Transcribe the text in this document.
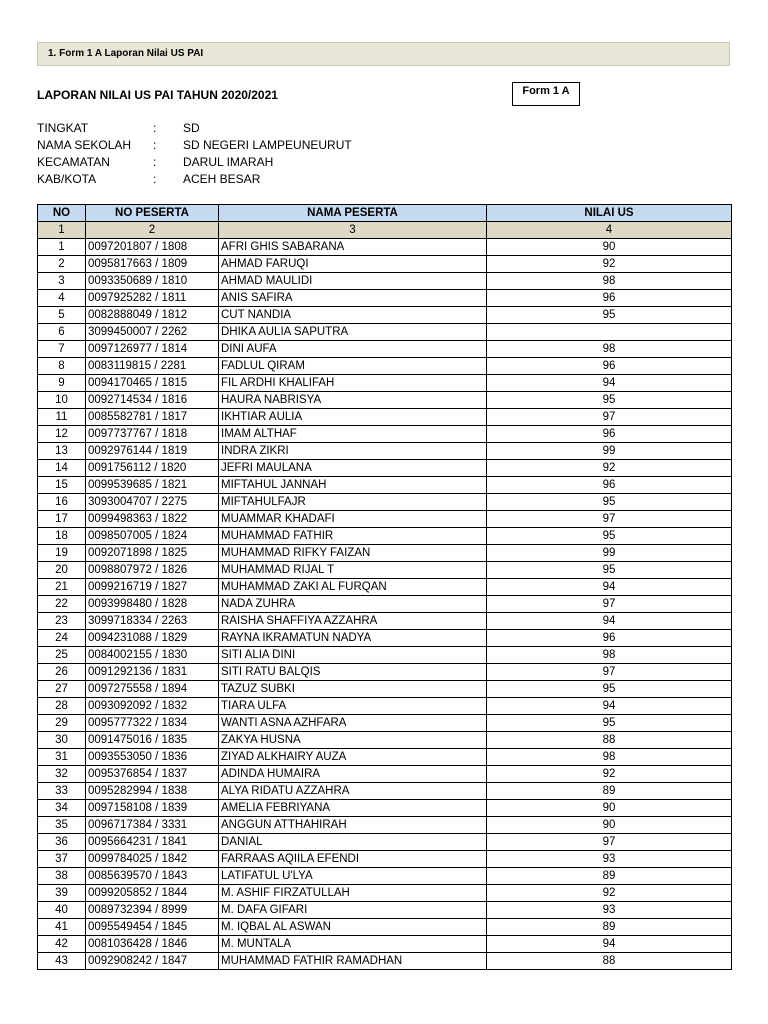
1. Form 1 A Laporan Nilai US PAI
LAPORAN NILAI US PAI TAHUN 2020/2021	Form 1 A
TINGKAT	:	SD
NAMA SEKOLAH	:	SD NEGERI LAMPEUNEURUT
KECAMATAN	:	DARUL IMARAH
KAB/KOTA	:	ACEH BESAR
NO	NO PESERTA	NAMA PESERTA	NILAI US
1	2	3	4
1	0097201807 / 1808	AFRI GHIS SABARANA	90
2	0095817663 / 1809	AHMAD FARUQI	92
3	0093350689 / 1810	AHMAD MAULIDI	98
4	0097925282 / 1811	ANIS SAFIRA	96
5	0082888049 / 1812	CUT NANDIA	95
6	3099450007 / 2262	DHIKA AULIA SAPUTRA	
7	0097126977 / 1814	DINI AUFA	98
8	0083119815 / 2281	FADLUL QIRAM	96
9	0094170465 / 1815	FIL ARDHI KHALIFAH	94
10	0092714534 / 1816	HAURA NABRISYA	95
11	0085582781 / 1817	IKHTIAR AULIA	97
12	0097737767 / 1818	IMAM ALTHAF	96
13	0092976144 / 1819	INDRA ZIKRI	99
14	0091756112 / 1820	JEFRI MAULANA	92
15	0099539685 / 1821	MIFTAHUL JANNAH	96
16	3093004707 / 2275	MIFTAHULFAJR	95
17	0099498363 / 1822	MUAMMAR KHADAFI	97
18	0098507005 / 1824	MUHAMMAD FATHIR	95
19	0092071898 / 1825	MUHAMMAD RIFKY FAIZAN	99
20	0098807972 / 1826	MUHAMMAD RIJAL T	95
21	0099216719 / 1827	MUHAMMAD ZAKI AL FURQAN	94
22	0093998480 / 1828	NADA ZUHRA	97
23	3099718334 / 2263	RAISHA SHAFFIYA AZZAHRA	94
24	0094231088 / 1829	RAYNA IKRAMATUN NADYA	96
25	0084002155 / 1830	SITI ALIA DINI	98
26	0091292136 / 1831	SITI RATU BALQIS	97
27	0097275558 / 1894	TAZUZ SUBKI	95
28	0093092092 / 1832	TIARA ULFA	94
29	0095777322 / 1834	WANTI ASNA AZHFARA	95
30	0091475016 / 1835	ZAKYA HUSNA	88
31	0093553050 / 1836	ZIYAD ALKHAIRY AUZA	98
32	0095376854 / 1837	ADINDA HUMAIRA	92
33	0095282994 / 1838	ALYA RIDATU AZZAHRA	89
34	0097158108 / 1839	AMELIA FEBRIYANA	90
35	0096717384 / 3331	ANGGUN ATTHAHIRAH	90
36	0095664231 / 1841	DANIAL	97
37	0099784025 / 1842	FARRAAS AQIILA EFENDI	93
38	0085639570 / 1843	LATIFATUL U'LYA	89
39	0099205852 / 1844	M. ASHIF FIRZATULLAH	92
40	0089732394 / 8999	M. DAFA GIFARI	93
41	0095549454 / 1845	M. IQBAL AL ASWAN	89
42	0081036428 / 1846	M. MUNTALA	94
43	0092908242 / 1847	MUHAMMAD FATHIR RAMADHAN	88
